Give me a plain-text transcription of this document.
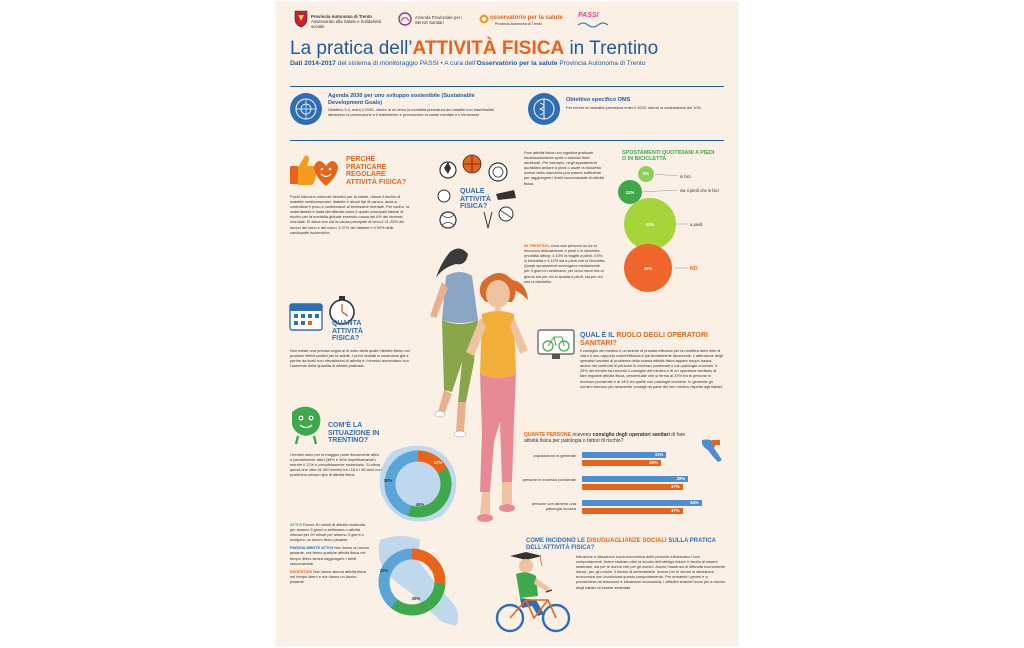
Provincia Autonoma di Trento
Assessorato alla Salute e Solidarietà sociale
Azienda Provinciale per i Servizi Sanitari
osservatorio per la salute
Provincia Autonoma di Trento
PASSI
La pratica dell’ATTIVITÀ FISICA in Trentino
Dati 2014-2017 del sistema di monitoraggio PASSI • A cura dell’Osservatorio per la salute Provincia Autonoma di Trento
Agenda 2030 per uno sviluppo sostenibile (Sustainable Development Goals)
Obiettivo 3.4, entro il 2030, ridurre di un terzo la mortalità prematura da malattie non trasmissibili attraverso la prevenzione e il trattamento e promuovere la salute mentale e il benessere
Obiettivo specifico OMS
Per ridurre la mortalità prematura entro il 2025, ridurre la sedentarietà del 10%.
PERCHÉ PRATICARE REGOLARE ATTIVITÀ FISICA?
Pochi riducono notevole benefici per la salute, riduce il rischio di malattie cardiovascolari, diabete e alcuni tipi di cancro, aiuta a controllare il peso e contribuisce al benessere mentale. Per contro, la sedentarietà è stata identificata come il quarto principale fattore di rischio per la mortalità globale essendo causa del 6% dei decessi mondiali. Si stima che sia la causa principale di circa il 21-25% dei tumori del seno e del colon, il 27% del diabete e il 30% delle cardiopatie ischemiche.
QUALE ATTIVITÀ FISICA?
Fare attività fisica non significa praticare necessariamente sport o esercizi fisici strutturati. Per esempio, negli spostamenti quotidiani andare a piedi o usare la bicicletta invece della macchina può essere sufficiente per raggiungere i livelli raccomandati di attività fisica.
IN TRENTINO, circa due persone su tre si muovono abitualmente a piedi o in bicicletta (mobilità attiva): il 43% fa tragitti a piedi, il 8% in bicicletta e il 12% sia a piedi che in bicicletta. Questi spostamenti avvengono mediamente per 4 giorni in settimana, per circa mezz’ora al giorno sia per chi si sposta a piedi, sia per chi usa la bicicletta.
SPOSTAMENTI QUOTIDIANI A PIEDI O IN BICICLETTA
8%
12%
43%
38%
in bici
sia a piedi che in bici
a piedi
NO
QUANTA ATTIVITÀ FISICA?
Non esiste una precisa soglia al di sotto della quale l’attività fisica non produce effetti positivi per la salute. I primi risultati si osservano già a partire da livelli non elevatissimi di attività e i benefici aumentano con l’aumento della quantità di attività praticata.
QUAL È IL RUOLO DEGLI OPERATORI SANITARI?
Il consiglio del medico è un’azione di provata efficacia per la modifica dello stile di vita e il suo rapporto costo/efficacia è particolarmente favorevole. L’attenzione degli operatori sanitari al problema della scarsa attività fisica appare troppo bassa, anche nei confronti di persone in eccesso ponderale o con patologie croniche. Il 29% dei trentini ha ricevuto il consiglio del medico o di un operatore sanitario di fare regolare attività fisica, percentuale che si ferma al 37% tra le persone in eccesso ponderale e al 44% tra quelle con patologie croniche. In generale gli uomini ricevono più raramente consigli da parte del loro medico rispetto agli italiani.
QUANTE PERSONE ricevono consiglio degli operatori sanitari di fare attività fisica per patologia o fattori di rischio?
popolazione in generale	31%
29%
persone in eccesso ponderale	39%
37%
persone con almeno una patologia cronica
44%
37%
COM’È LA SITUAZIONE IN TRENTINO?
I trentini sono per la maggior parte fisicamente attivi o parzialmente attivi (38% e 40% rispettivamente) mentre il 17% è completamente sedentario. Si stima quindi che oltre 81.000 trentini tra i 18 e i 69 anni non pratichino nessun tipo di attività fisica.
17%
38%
45%
23%
32%
35%
ATTIVI Fanno 30 minuti di attività moderata per almeno 5 giorni a settimana o attività intensa per 20 minuti per almeno 3 giorni o svolgono un lavoro fisico pesante
PARZIALMENTE ATTIVI Non fanno un lavoro pesante, ma fanno qualche attività fisica nel tempo libero senza raggiungere i livelli raccomandati
SEDENTARI Non fanno alcuna attività fisica nel tempo libero e non fanno un lavoro pesante
COME INCIDONO LE DISUGUAGLIANZE SOCIALI SULLA PRATICA DELL’ATTIVITÀ FISICA?
Istruzione e situazione socio-economica delle persone influenzano i loro comportamenti. Avere studiato oltre la scuola dell’obbligo riduce il rischio di essere sedentari, sia per le donne che per gli uomini. Anche l’assenza di difficoltà economiche riduce, per gli uomini, il rischio di sedentarietà. Invece per le donne la situazione economica non condiziona questo comportamento. Per entrambi i generi e a prescindere da istruzione e situazione economica, i cittadini stranieri sono più a rischio degli italiani di essere sedentari.
